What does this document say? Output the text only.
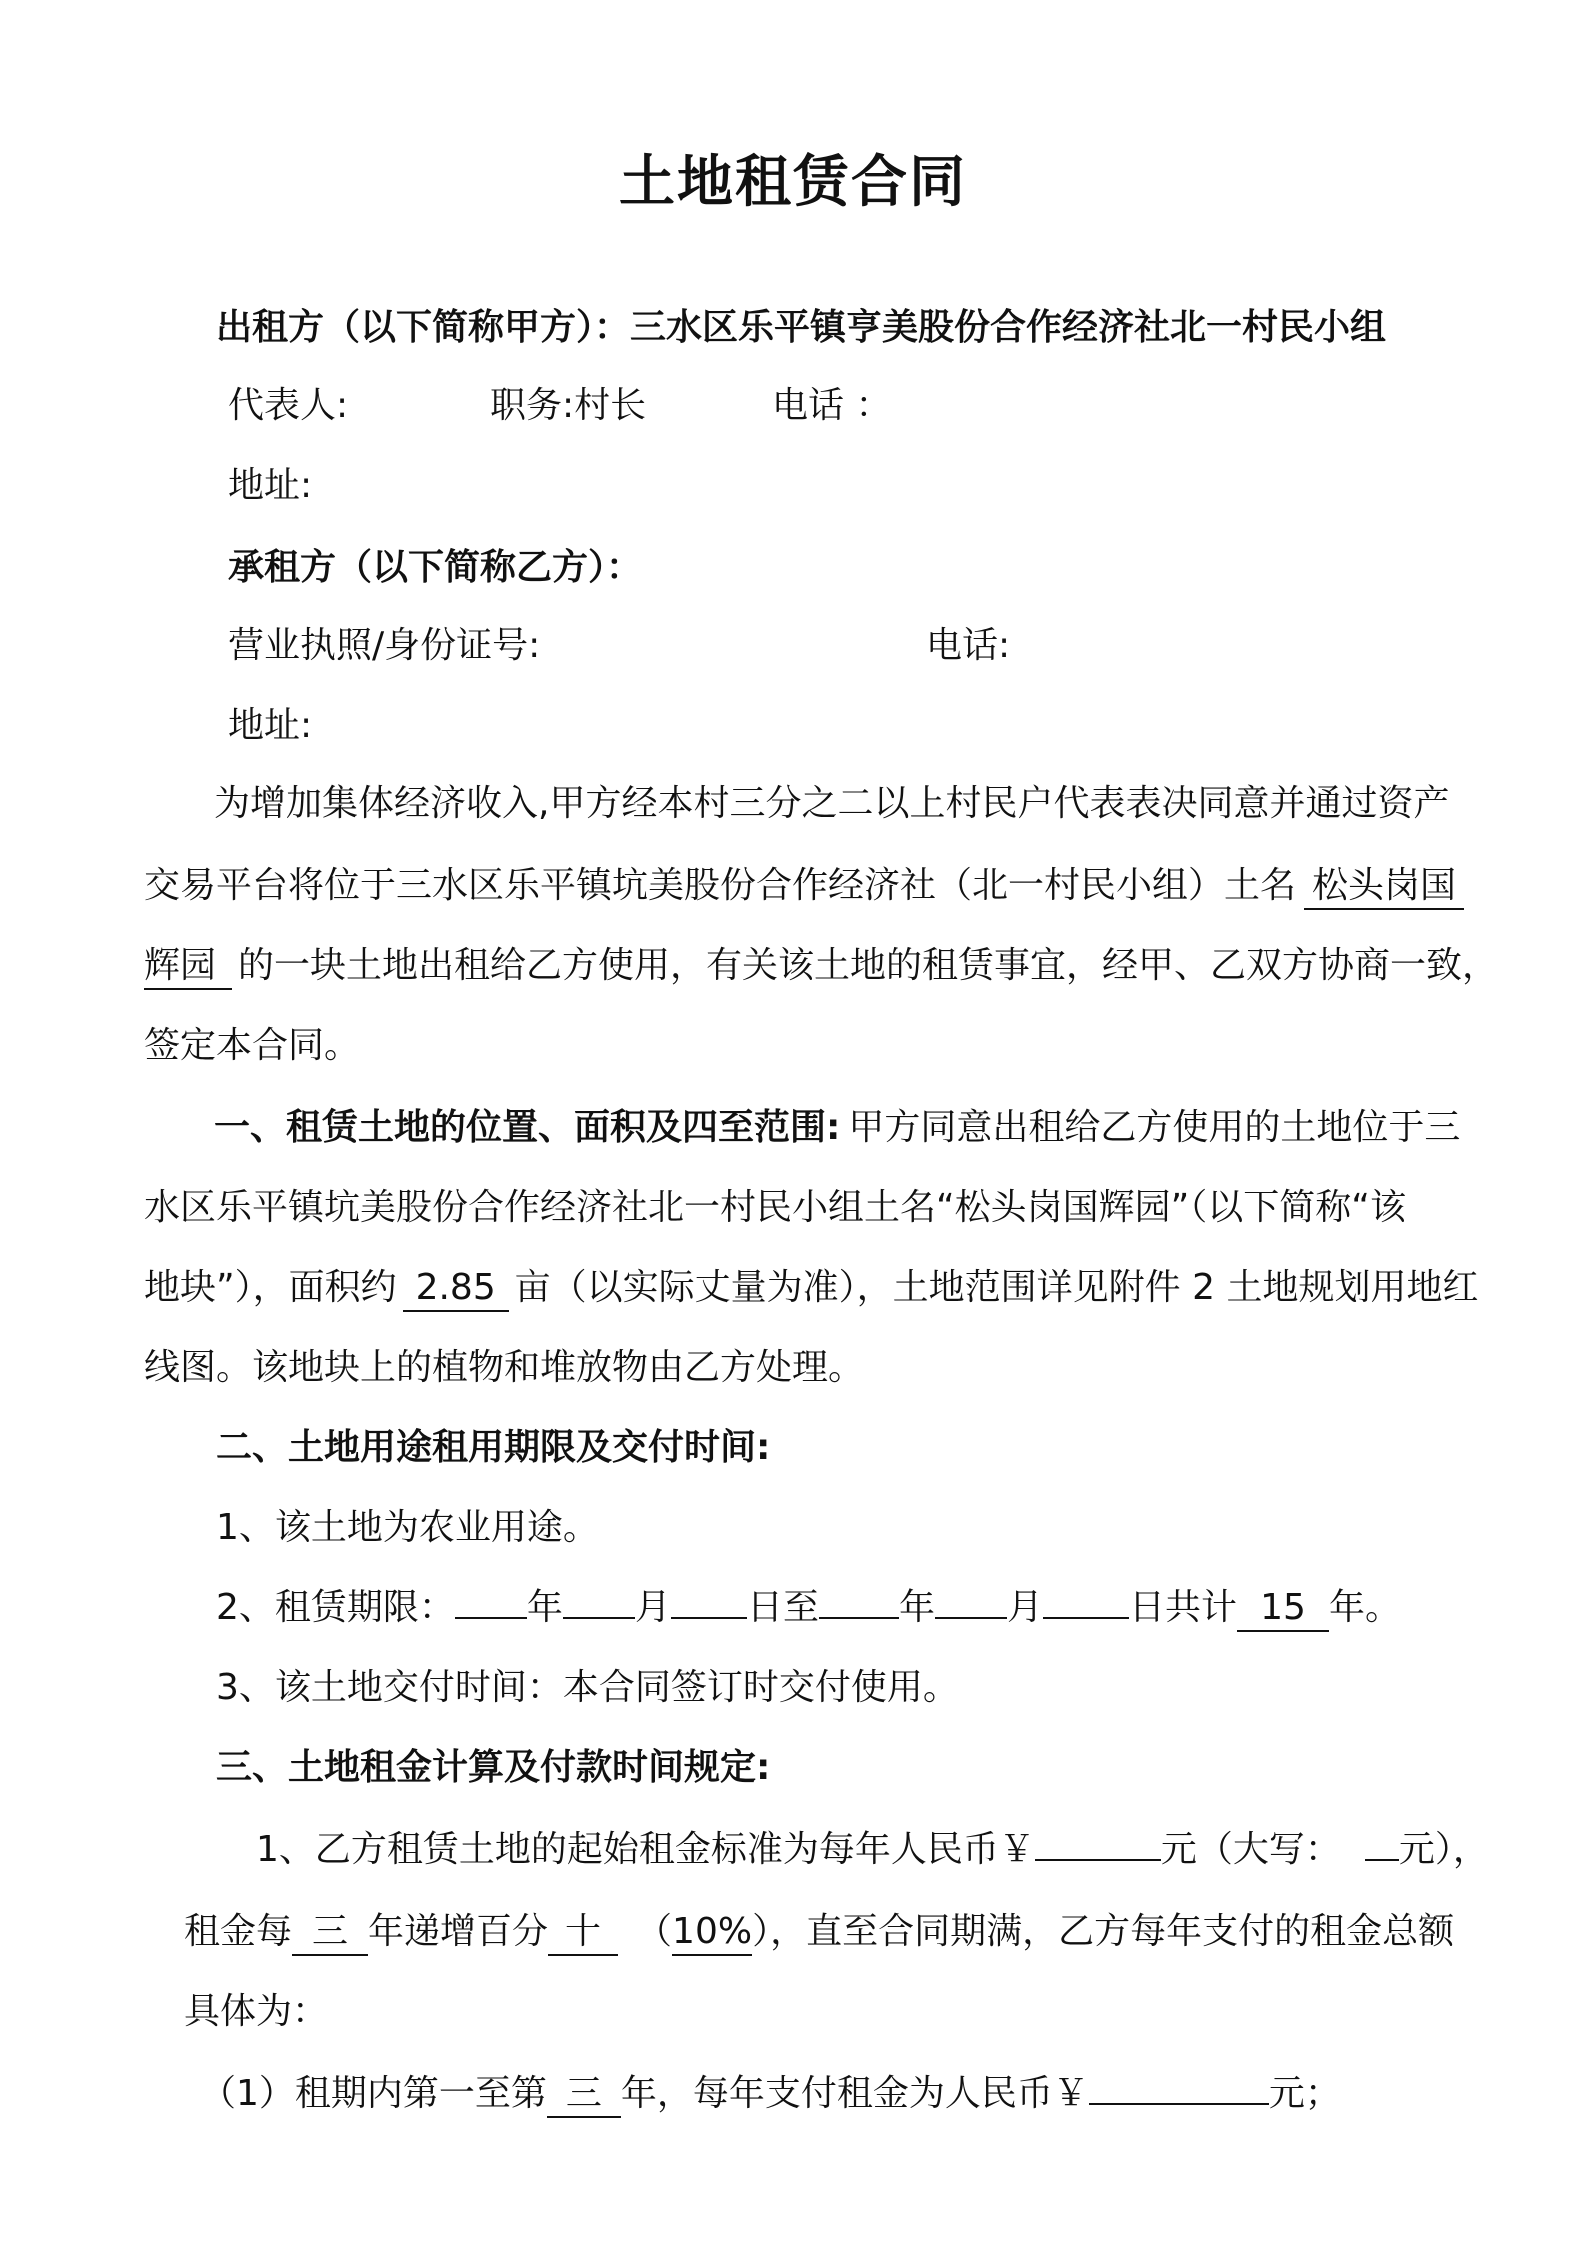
土地租赁合同
出租方（以下简称甲方）：三水区乐平镇亨美股份合作经济社北一村民小组
代表人:	职务:村长	电话 ：
地址:
承租方（以下简称乙方）：
营业执照/身份证号:	电话:
地址:
为增加集体经济收入,甲方经本村三分之二以上村民户代表表决同意并通过资产
交易平台将位于三水区乐平镇坑美股份合作经济社（北一村民小组）土名 松头岗国
辉园 的一块土地出租给乙方使用，有关该土地的租赁事宜，经甲、乙双方协商一致，
签定本合同。
一、租赁土地的位置、面积及四至范围: 甲方同意出租给乙方使用的土地位于三
水区乐平镇坑美股份合作经济社北一村民小组土名“松头岗国辉园”（以下简称“该
地块”），面积约 2.85 亩（以实际丈量为准），土地范围详见附件 2 土地规划用地红
线图。该地块上的植物和堆放物由乙方处理。
二、土地用途租用期限及交付时间:
1、该土地为农业用途。
2、租赁期限： 年 月 日至 年 月 日共计 15 年。
3、该土地交付时间：本合同签订时交付使用。
三、土地租金计算及付款时间规定:
1、乙方租赁土地的起始租金标准为每年人民币￥	元（大写： 元），
租金每 三 年递增百分 十 （10%），直至合同期满，乙方每年支付的租金总额
具体为：
（1）租期内第一至第 三 年，每年支付租金为人民币￥	元；
